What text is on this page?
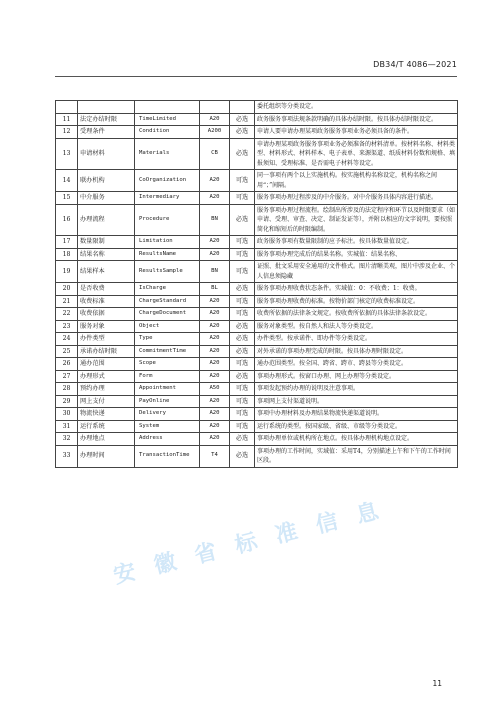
DB34/T 4086—2021
					委托组织等分类设定。
11	法定办结时限	TimeLimited	A20	必选	政务服务事项法规条款明确的具体办结时限。按具体办结时限设定。
12	受理条件	Condition	A200	必选	申请人要申请办理某项政务服务事项业务必须具备的条件。
13	申请材料	Materials	CB	必选	申请办理某项政务服务事项业务必须准备的材料清单。按材料名称、材料类型、材料形式、材料样本、电子表单、来源渠道、纸质材料份数和规格、填报须知、受理标准、是否需电子材料等设定。
14	联办机构	CoOrganization	A20	可选	同一事项有两个以上实施机构。按实施机构名称设定，机构名称之间用“；”间隔。
15	中介服务	Intermediary	A20	可选	服务事项办理过程涉及的中介服务。对中介服务具体内容进行描述。
16	办理流程	Procedure	BN	必选	服务事项办理过程流程。绘制出所涉及的法定程序和环节以及时限要求（如申请、受理、审查、决定、制证发证等），并附以相应的文字说明，要按照简化和缩短后的时限编制。
17	数量限制	Limitation	A20	可选	政务服务事项有数量限制的应予标注。按具体数量值设定。
18	结果名称	ResultsName	A20	可选	服务事项办理完成后的结果名称。实城值：结果名称、
19	结果样本	ResultsSample	BN	可选	证照、批文采用安全通用的文件格式。图片清晰美观，图片中涉及企业、个人信息须隐藏
20	是否收费	IsCharge	BL	必选	服务事项办理收费状态条件。实域值：0：不收费；1：收费。
21	收费标准	ChargeStandard	A20	可选	服务事项办理收费的标准。按物价部门核定的收费标准设定。
22	收费依据	ChargeDocument	A20	可选	收费所依据的法律条文规定。按收费所依据的具体法律条款设定。
23	服务对象	Object	A20	必选	服务对象类型。按自然人和法人等分类设定。
24	办件类型	Type	A20	必选	办件类型。按承诺件、即办件等分类设定。
25	承诺办结时限	CommitmentTime	A20	必选	对外承诺的事项办理完成的时限。按具体办理时限设定。
26	通办范围	Scope	A20	可选	通办范围类型。按全国、跨省、跨市、跨县等分类设定。
27	办理形式	Form	A20	必选	事项办理形式。按窗口办理、网上办理等分类设定。
28	预约办理	Appointment	A50	可选	事项发起预约办理的说明及注意事项。
29	网上支付	PayOnline	A20	可选	事项网上支付渠道说明。
30	物流快递	Delivery	A20	可选	事项中办理材料及办理结果物流快递渠道说明。
31	运行系统	System	A20	可选	运行系统的类型。按国家级、省级、市级等分类设定。
32	办理地点	Address	A20	必选	事项办理单位或机构所在地点。按具体办理机构地点设定。
33	办理时间	TransactionTime	T4	必选	事项办理的工作时间，实域值：采用T4，分别描述上午和下午的工作时间区段。
安 徽 省 标 准 信 息
11
